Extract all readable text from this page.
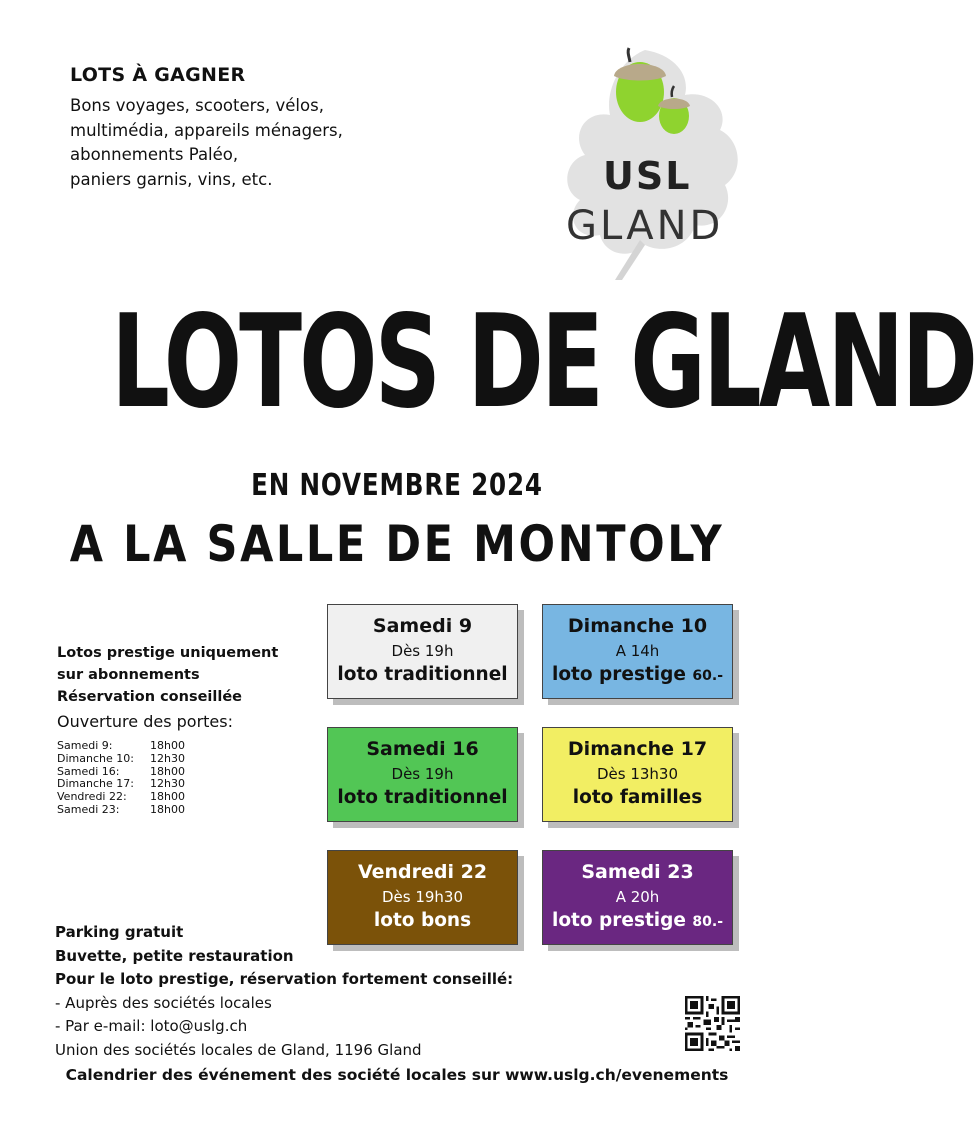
LOTS À GAGNER
Bons voyages, scooters, vélos,
multimédia, appareils ménagers,
abonnements Paléo,
paniers garnis, vins, etc.	USL
GLAND
LOTOS DE GLAND
EN NOVEMBRE 2024
A LA SALLE DE MONTOLY
Lotos prestige uniquement
sur abonnements
Réservation conseillée
Ouverture des portes:
Samedi 9:	18h00
Dimanche 10:	12h30
Samedi 16:	18h00
Dimanche 17:	12h30
Vendredi 22:	18h00
Samedi 23:	18h00
Samedi 9
Dès 19h
loto traditionnel
Dimanche 10
A 14h
loto prestige 60.-
Samedi 16
Dès 19h
loto traditionnel
Dimanche 17
Dès 13h30
loto familles
Vendredi 22
Dès 19h30
loto bons
Samedi 23
A 20h
loto prestige 80.-
Parking gratuit
Buvette, petite restauration
Pour le loto prestige, réservation fortement conseillé:
- Auprès des sociétés locales
- Par e-mail: loto@uslg.ch
Union des sociétés locales de Gland, 1196 Gland
Calendrier des événement des société locales sur www.uslg.ch/evenements
